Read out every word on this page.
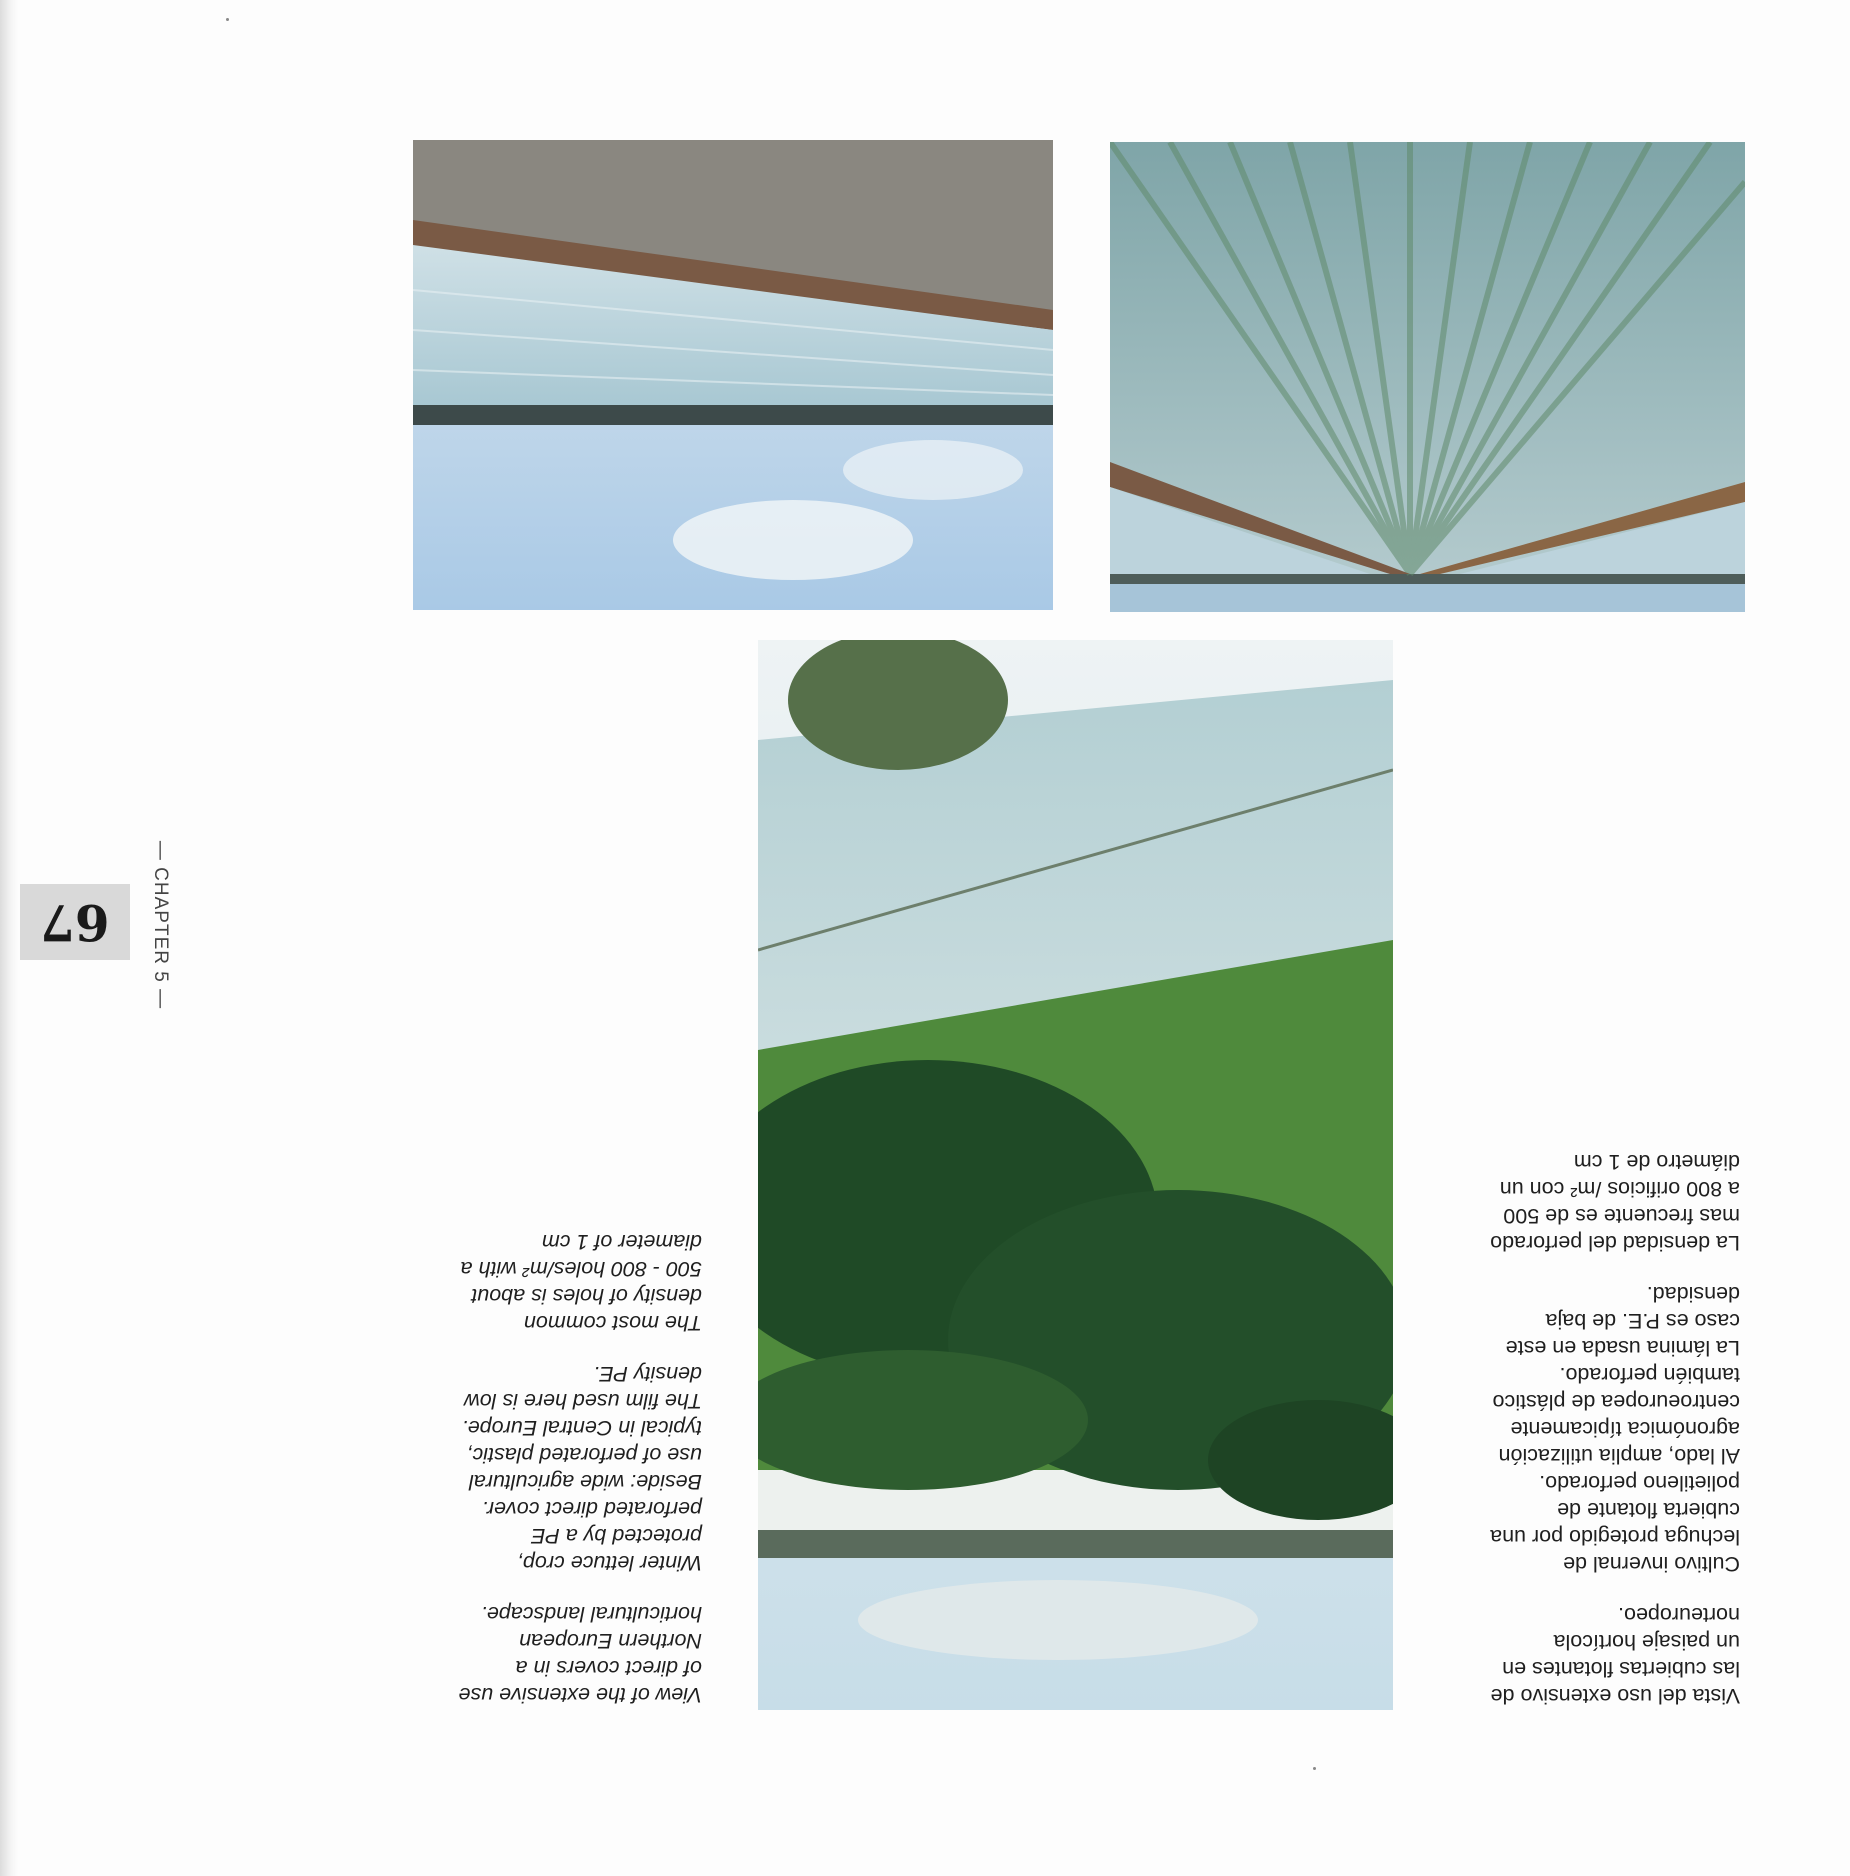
67 — CHAPTER 5 —

View of the extensive use
of direct covers in a
Northern European
horticultural landscape.

Winter lettuce crop,
protected by a PE
perforated direct cover.
Beside: wide agricultural
use of perforated plastic,
typical in Central Europe.
The film used here is low
density PE.

The most common
density of holes is about
500 - 800 holes/m² with a
diameter of 1 cm

Vista del uso extensivo de
las cubiertas flotantes en
un paisaje hortícola
norteuropeo.

Cultivo invernal de
lechuga protegido por una
cubierta flotante de
polietileno perforado.
Al lado, amplia utilización
agronómica típicamente
centroeuropea de plástico
también perforado.
La lámina usada en este
caso es P.E. de baja
densidad.

La densidad del perforado
mas frecuente es de 500
a 800 orificios /m² con un
diámetro de 1 cm
